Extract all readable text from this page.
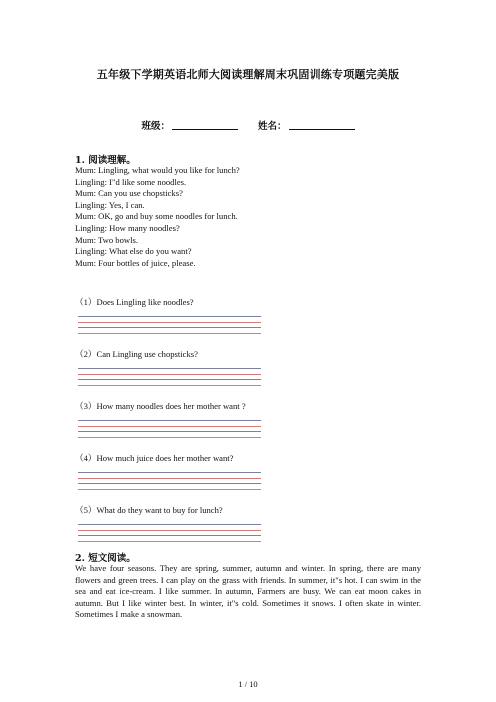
五年级下学期英语北师大阅读理解周末巩固训练专项题完美版
班级：	姓名：
1. 阅读理解。
Mum: Lingling, what would you like for lunch?
Lingling: I"d like some noodles.
Mum: Can you use chopsticks?
Lingling: Yes, I can.
Mum: OK, go and buy some noodles for lunch.
Lingling: How many noodles?
Mum: Two bowls.
Lingling: What else do you want?
Mum: Four bottles of juice, please.
（1）Does Lingling like noodles?
（2）Can Lingling use chopsticks?
（3）How many noodles does her mother want ?
（4）How much juice does her mother want?
（5）What do they want to buy for lunch?
2. 短文阅读。
We have four seasons. They are spring, summer, autumn and winter. In spring, there are many flowers and green trees. I can play on the grass with friends. In summer, it"s hot. I can swim in the sea and eat ice-cream. I like summer. In autumn, Farmers are busy. We can eat moon cakes in autumn. But I like winter best. In winter, it"s cold. Sometimes it snows. I often skate in winter. Sometimes I make a snowman.
1 / 10
